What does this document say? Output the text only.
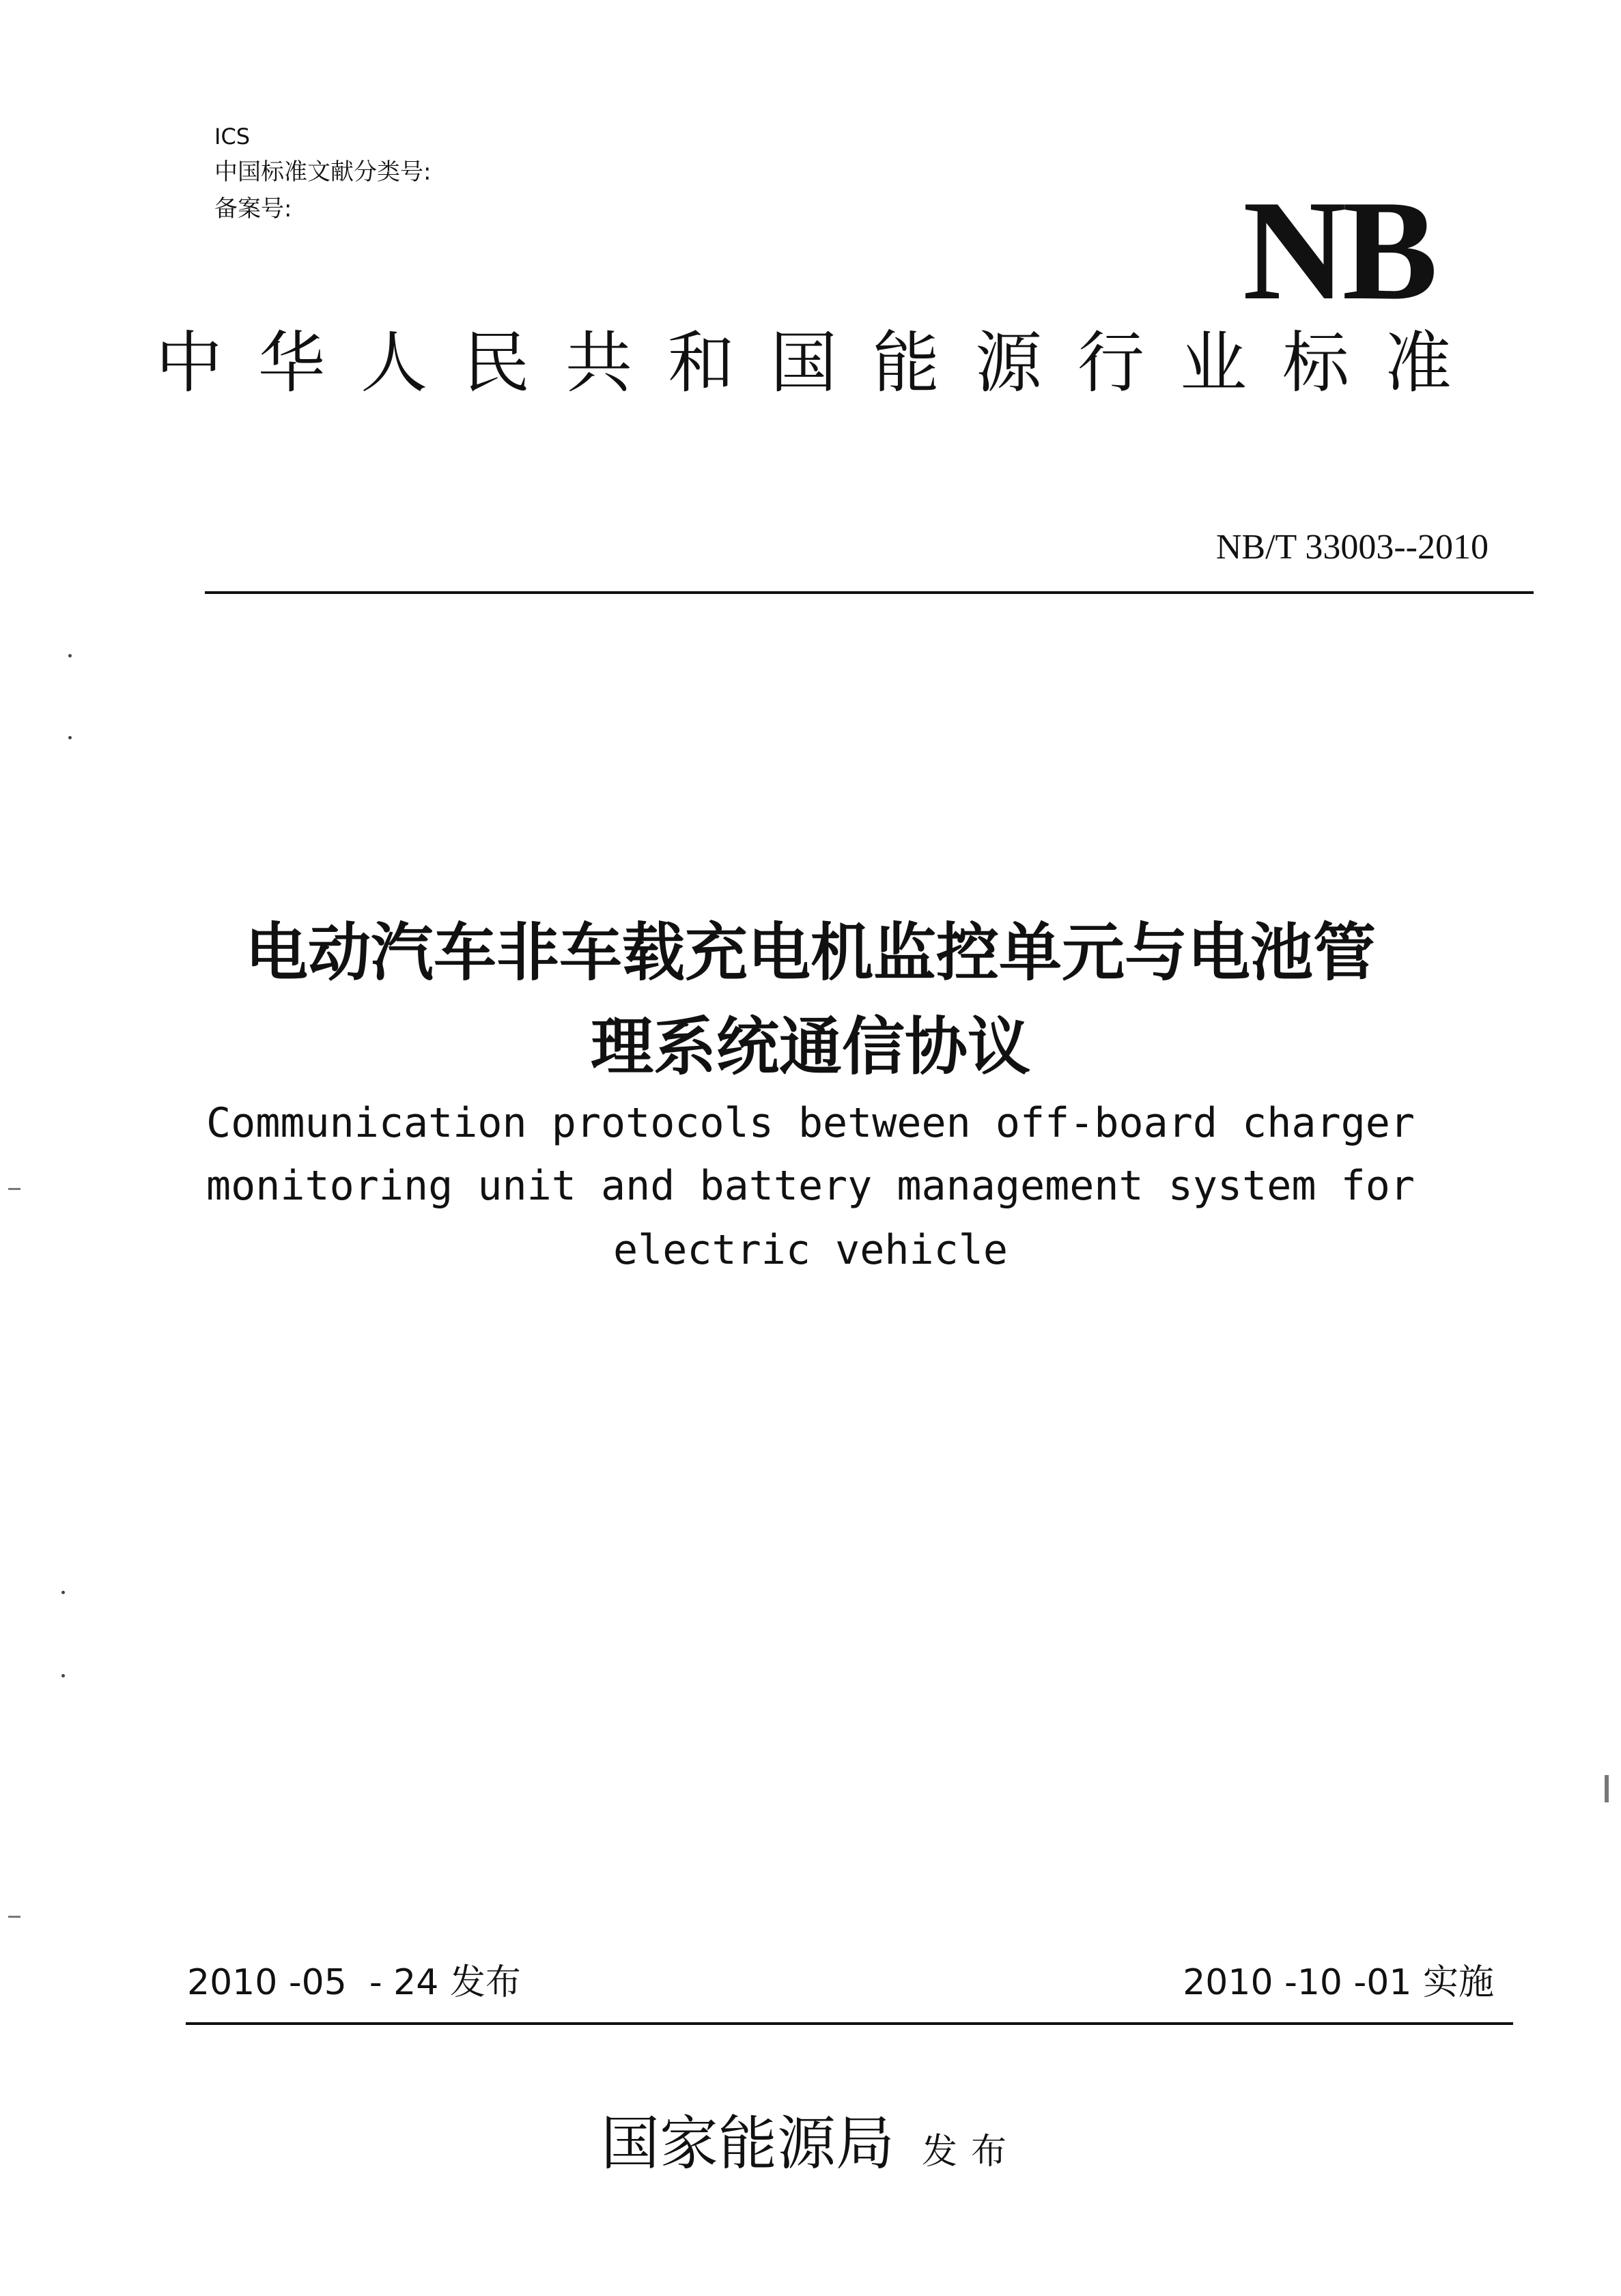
ICS
中国标准文献分类号:
备案号:	NB
中华人民共和国能源行业标准
NB/T 33003--2010
电动汽车非车载充电机监控单元与电池管
理系统通信协议
Communication protocols between off-board charger
monitoring unit and battery management system for
electric vehicle
2010 -05  - 24 发布	2010 -10 -01 实施
国家能源局 发布
